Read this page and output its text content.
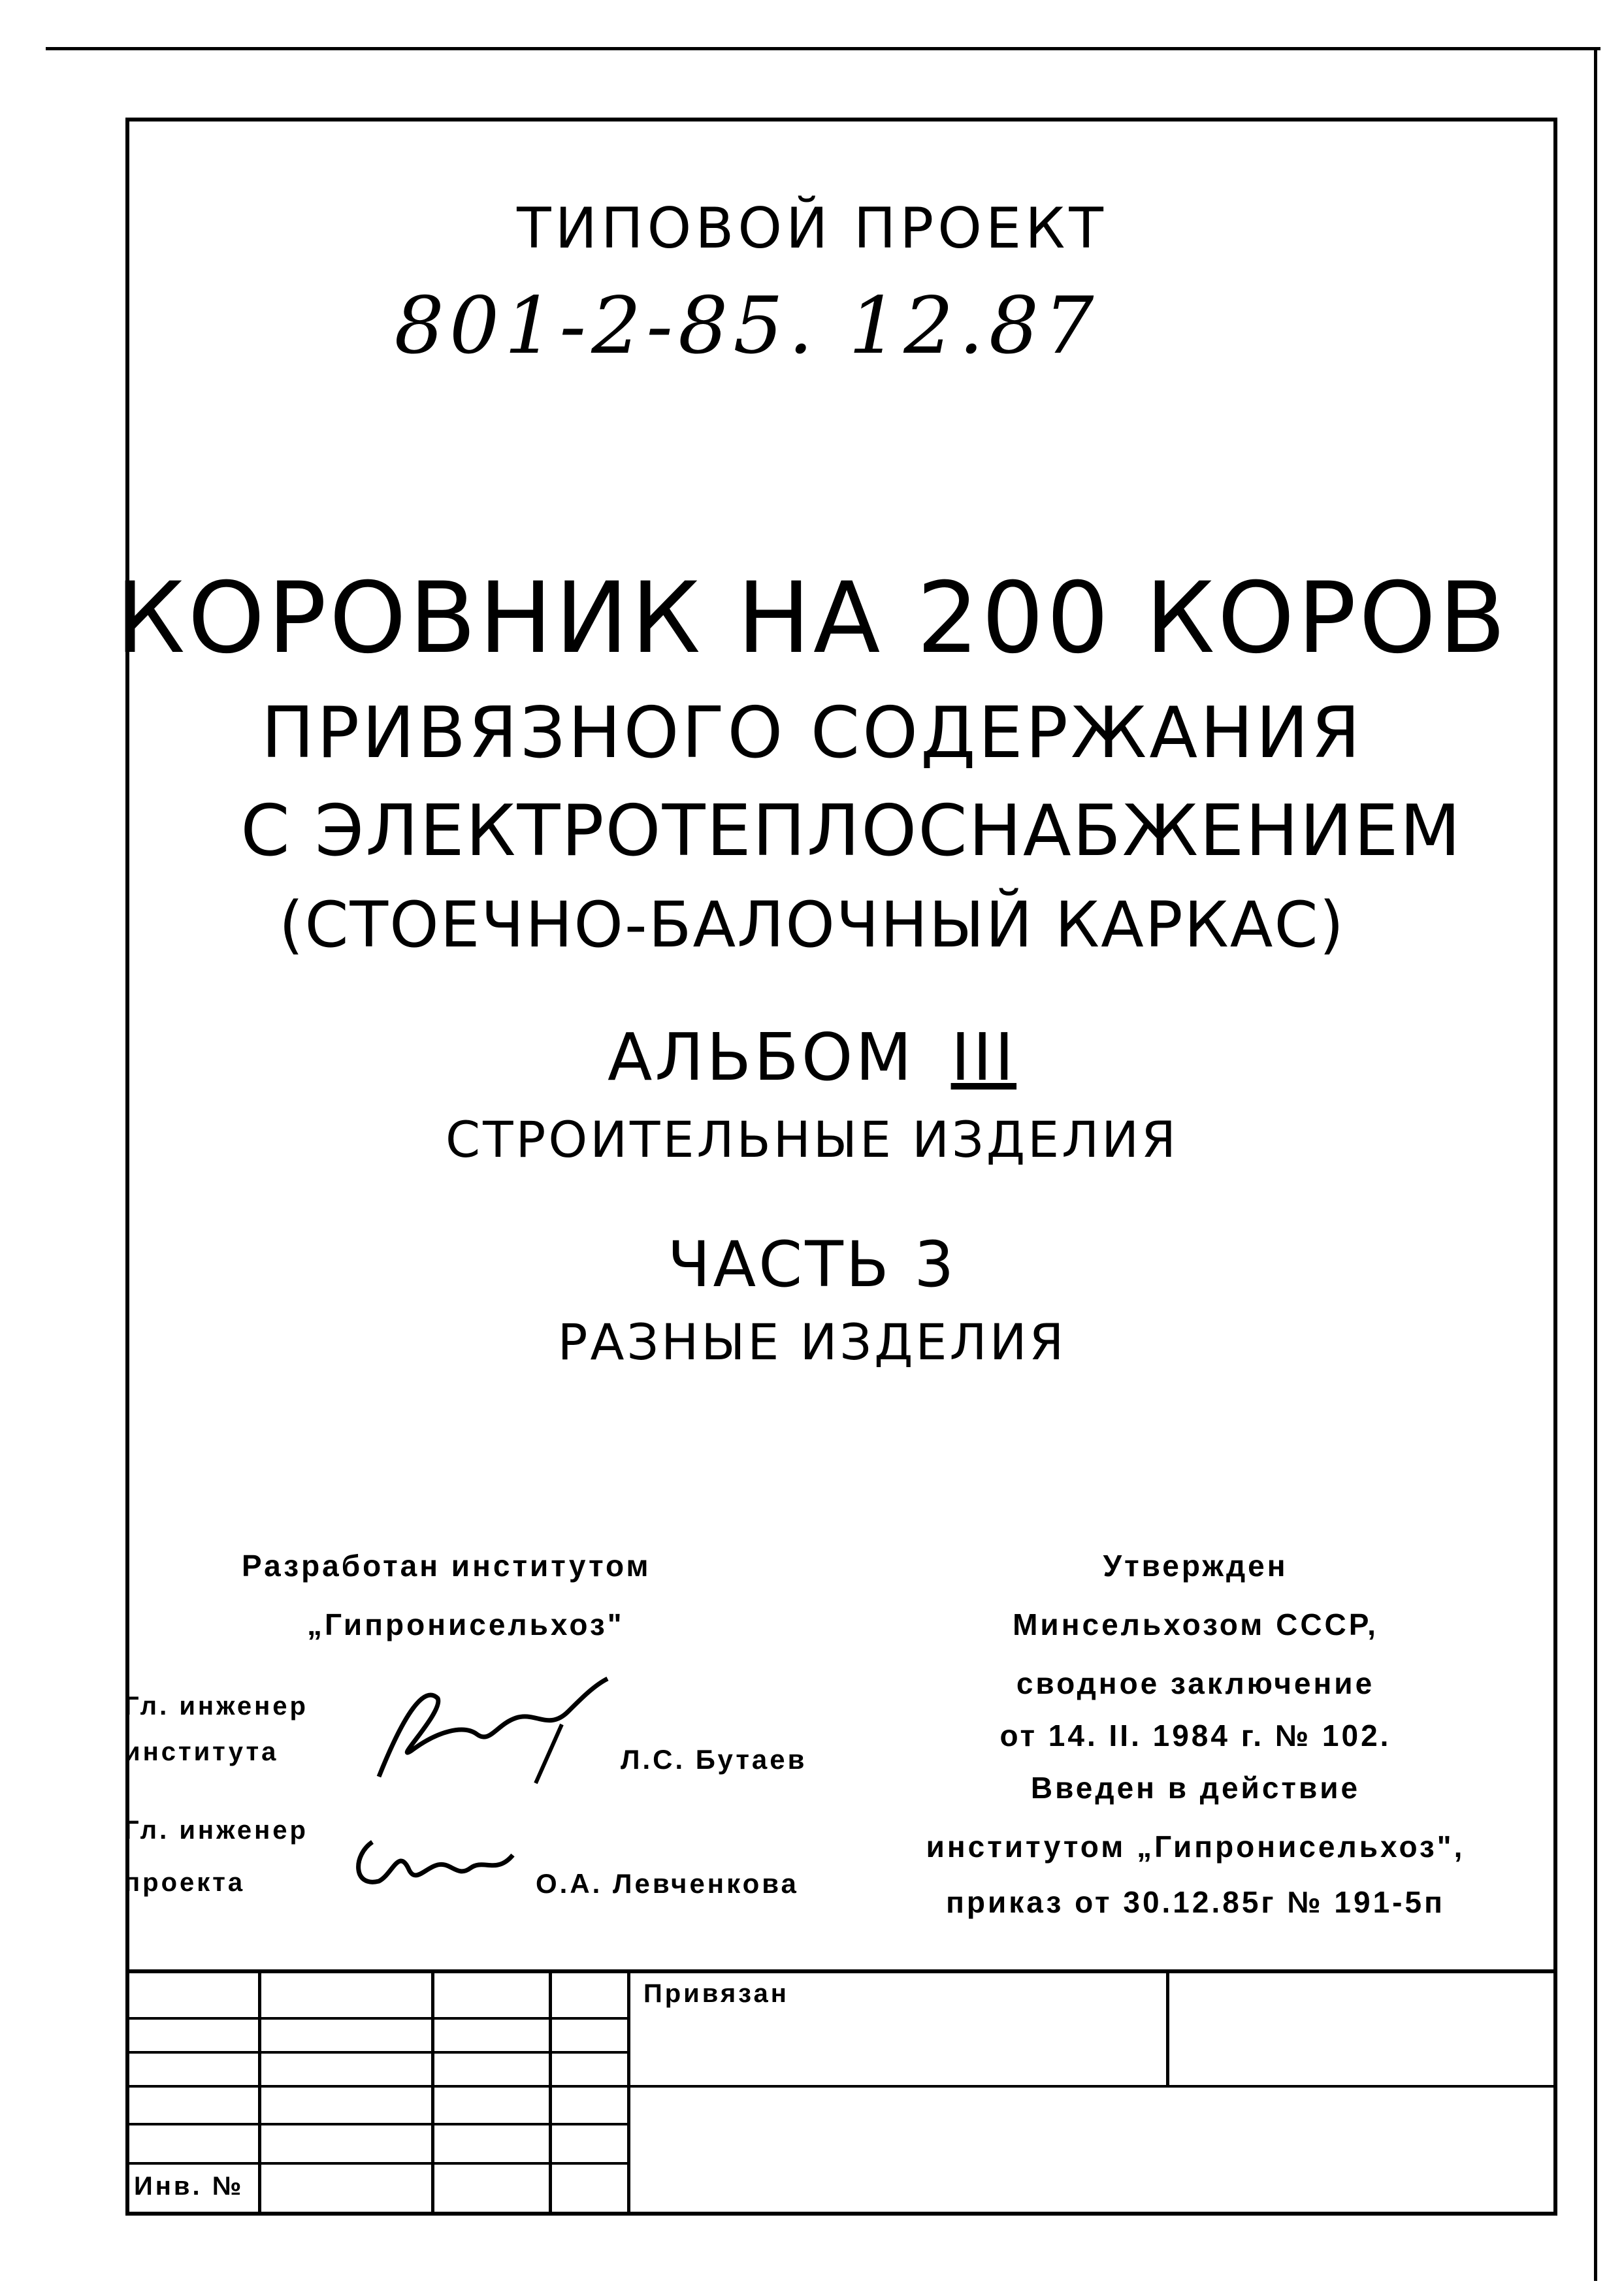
ТИПОВОЙ ПРОЕКТ
801-2-85. 12.87
КОРОВНИК НА 200 КОРОВ
ПРИВЯЗНОГО СОДЕРЖАНИЯ
С ЭЛЕКТРОТЕПЛОСНАБЖЕНИЕМ
(СТОЕЧНО-БАЛОЧНЫЙ КАРКАС)
АЛЬБОМ III
СТРОИТЕЛЬНЫЕ ИЗДЕЛИЯ
ЧАСТЬ 3
РАЗНЫЕ ИЗДЕЛИЯ
Разработан институтом
„Гипронисельхоз"
Гл. инженер
института	Л.С. Бутаев
Гл. инженер
проекта	О.А. Левченкова
Утвержден
Минсельхозом СССР,
сводное заключение
от 14. II. 1984 г. № 102.
Введен в действие
институтом „Гипронисельхоз",
приказ от 30.12.85г № 191-5п
Привязан
Инв. №
